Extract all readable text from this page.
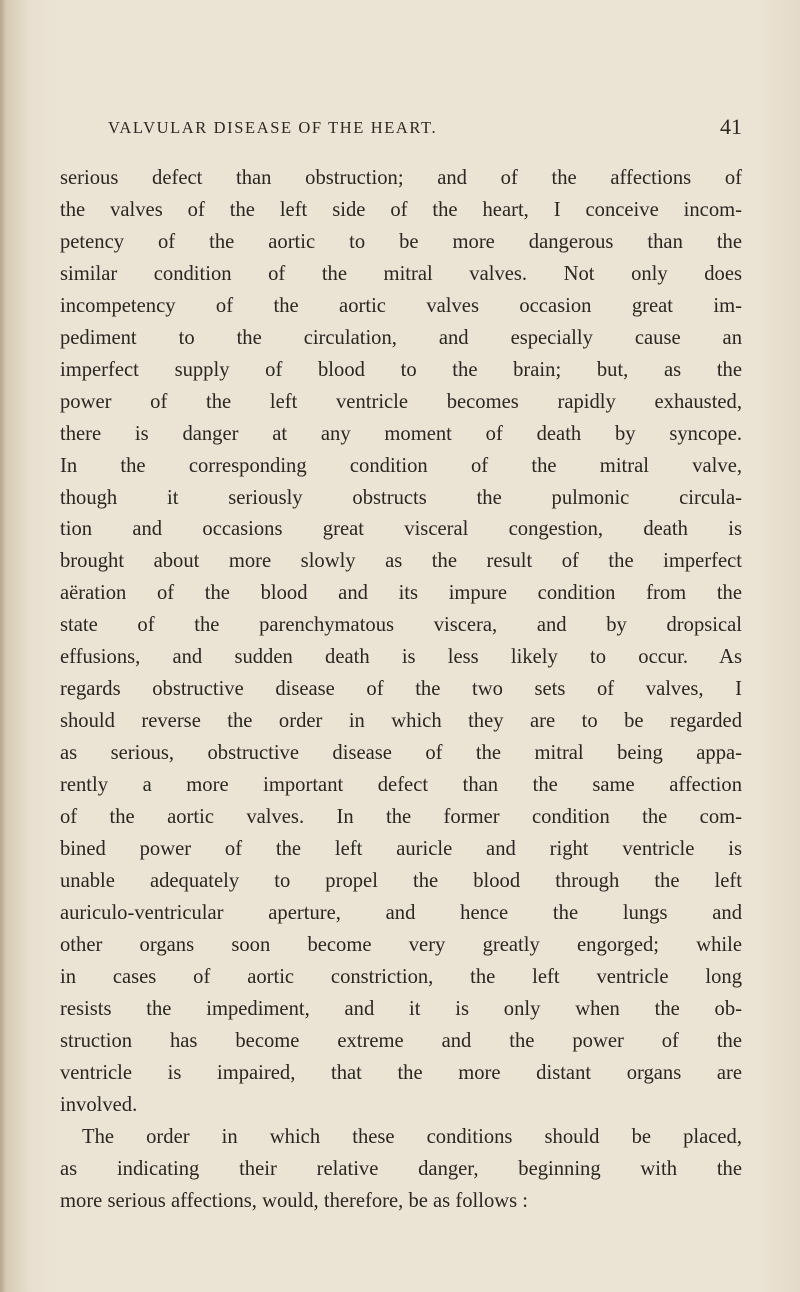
VALVULAR DISEASE OF THE HEART.	41
serious defect than obstruction; and of the affections of
the valves of the left side of the heart, I conceive incom-
petency of the aortic to be more dangerous than the
similar condition of the mitral valves. Not only does
incompetency of the aortic valves occasion great im-
pediment to the circulation, and especially cause an
imperfect supply of blood to the brain; but, as the
power of the left ventricle becomes rapidly exhausted,
there is danger at any moment of death by syncope.
In the corresponding condition of the mitral valve,
though it seriously obstructs the pulmonic circula-
tion and occasions great visceral congestion, death is
brought about more slowly as the result of the imperfect
aëration of the blood and its impure condition from the
state of the parenchymatous viscera, and by dropsical
effusions, and sudden death is less likely to occur. As
regards obstructive disease of the two sets of valves, I
should reverse the order in which they are to be regarded
as serious, obstructive disease of the mitral being appa-
rently a more important defect than the same affection
of the aortic valves. In the former condition the com-
bined power of the left auricle and right ventricle is
unable adequately to propel the blood through the left
auriculo-ventricular aperture, and hence the lungs and
other organs soon become very greatly engorged; while
in cases of aortic constriction, the left ventricle long
resists the impediment, and it is only when the ob-
struction has become extreme and the power of the
ventricle is impaired, that the more distant organs are
involved.
The order in which these conditions should be placed,
as indicating their relative danger, beginning with the
more serious affections, would, therefore, be as follows :
